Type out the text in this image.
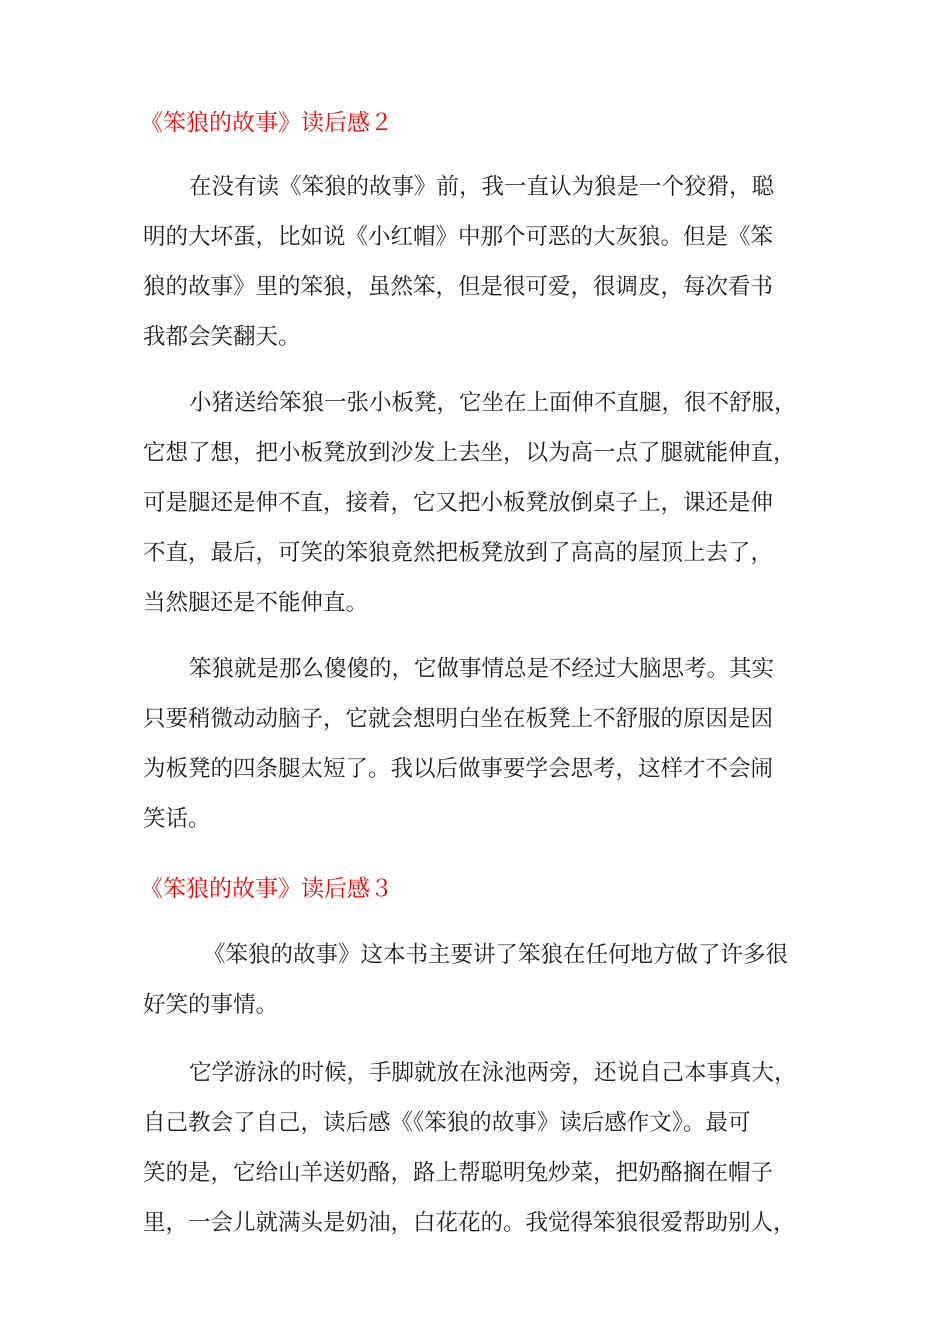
《笨狼的故事》读后感２

在没有读《笨狼的故事》前，我一直认为狼是一个狡猾，聪
明的大坏蛋，比如说《小红帽》中那个可恶的大灰狼。但是《笨
狼的故事》里的笨狼，虽然笨，但是很可爱，很调皮，每次看书
我都会笑翻天。

小猪送给笨狼一张小板凳，它坐在上面伸不直腿，很不舒服，
它想了想，把小板凳放到沙发上去坐，以为高一点了腿就能伸直，
可是腿还是伸不直，接着，它又把小板凳放倒桌子上，课还是伸
不直，最后，可笑的笨狼竟然把板凳放到了高高的屋顶上去了，
当然腿还是不能伸直。

笨狼就是那么傻傻的，它做事情总是不经过大脑思考。其实
只要稍微动动脑子，它就会想明白坐在板凳上不舒服的原因是因
为板凳的四条腿太短了。我以后做事要学会思考，这样才不会闹
笑话。

《笨狼的故事》读后感３

《笨狼的故事》这本书主要讲了笨狼在任何地方做了许多很
好笑的事情。

它学游泳的时候，手脚就放在泳池两旁，还说自己本事真大，
自己教会了自己，读后感《《笨狼的故事》读后感作文》。最可
笑的是，它给山羊送奶酪，路上帮聪明兔炒菜，把奶酪搁在帽子
里，一会儿就满头是奶油，白花花的。我觉得笨狼很爱帮助别人，
